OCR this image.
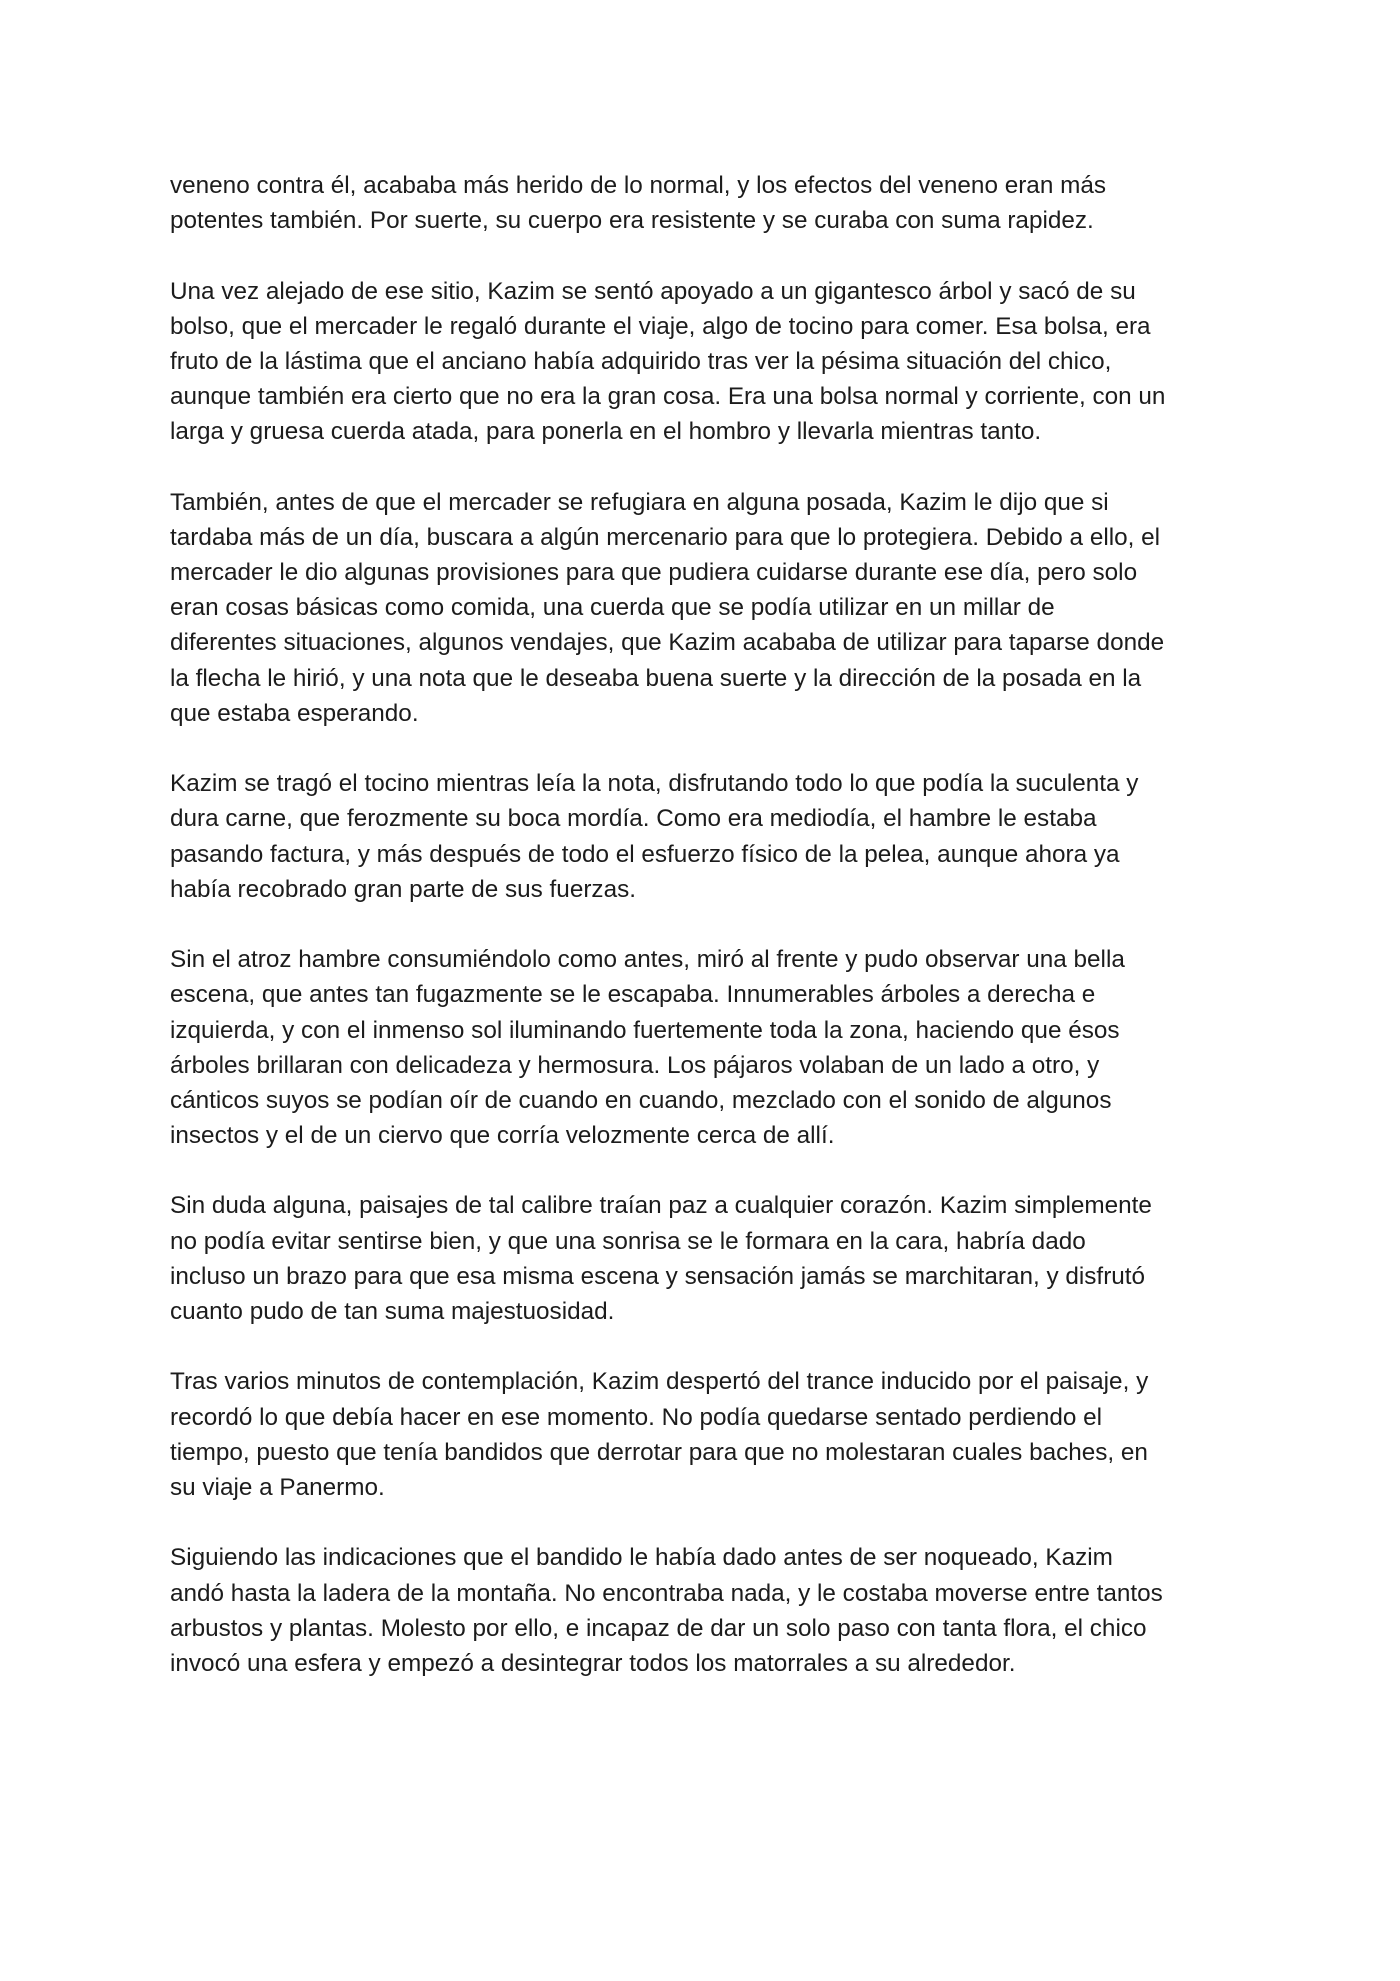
veneno contra él, acababa más herido de lo normal, y los efectos del veneno eran más
potentes también. Por suerte, su cuerpo era resistente y se curaba con suma rapidez.
Una vez alejado de ese sitio, Kazim se sentó apoyado a un gigantesco árbol y sacó de su
bolso, que el mercader le regaló durante el viaje, algo de tocino para comer. Esa bolsa, era
fruto de la lástima que el anciano había adquirido tras ver la pésima situación del chico,
aunque también era cierto que no era la gran cosa. Era una bolsa normal y corriente, con un
larga y gruesa cuerda atada, para ponerla en el hombro y llevarla mientras tanto.
También, antes de que el mercader se refugiara en alguna posada, Kazim le dijo que si
tardaba más de un día, buscara a algún mercenario para que lo protegiera. Debido a ello, el
mercader le dio algunas provisiones para que pudiera cuidarse durante ese día, pero solo
eran cosas básicas como comida, una cuerda que se podía utilizar en un millar de
diferentes situaciones, algunos vendajes, que Kazim acababa de utilizar para taparse donde
la flecha le hirió, y una nota que le deseaba buena suerte y la dirección de la posada en la
que estaba esperando.
Kazim se tragó el tocino mientras leía la nota, disfrutando todo lo que podía la suculenta y
dura carne, que ferozmente su boca mordía. Como era mediodía, el hambre le estaba
pasando factura, y más después de todo el esfuerzo físico de la pelea, aunque ahora ya
había recobrado gran parte de sus fuerzas.
Sin el atroz hambre consumiéndolo como antes, miró al frente y pudo observar una bella
escena, que antes tan fugazmente se le escapaba. Innumerables árboles a derecha e
izquierda, y con el inmenso sol iluminando fuertemente toda la zona, haciendo que ésos
árboles brillaran con delicadeza y hermosura. Los pájaros volaban de un lado a otro, y
cánticos suyos se podían oír de cuando en cuando, mezclado con el sonido de algunos
insectos y el de un ciervo que corría velozmente cerca de allí.
Sin duda alguna, paisajes de tal calibre traían paz a cualquier corazón. Kazim simplemente
no podía evitar sentirse bien, y que una sonrisa se le formara en la cara, habría dado
incluso un brazo para que esa misma escena y sensación jamás se marchitaran, y disfrutó
cuanto pudo de tan suma majestuosidad.
Tras varios minutos de contemplación, Kazim despertó del trance inducido por el paisaje, y
recordó lo que debía hacer en ese momento. No podía quedarse sentado perdiendo el
tiempo, puesto que tenía bandidos que derrotar para que no molestaran cuales baches, en
su viaje a Panermo.
Siguiendo las indicaciones que el bandido le había dado antes de ser noqueado, Kazim
andó hasta la ladera de la montaña. No encontraba nada, y le costaba moverse entre tantos
arbustos y plantas. Molesto por ello, e incapaz de dar un solo paso con tanta flora, el chico
invocó una esfera y empezó a desintegrar todos los matorrales a su alrededor.
